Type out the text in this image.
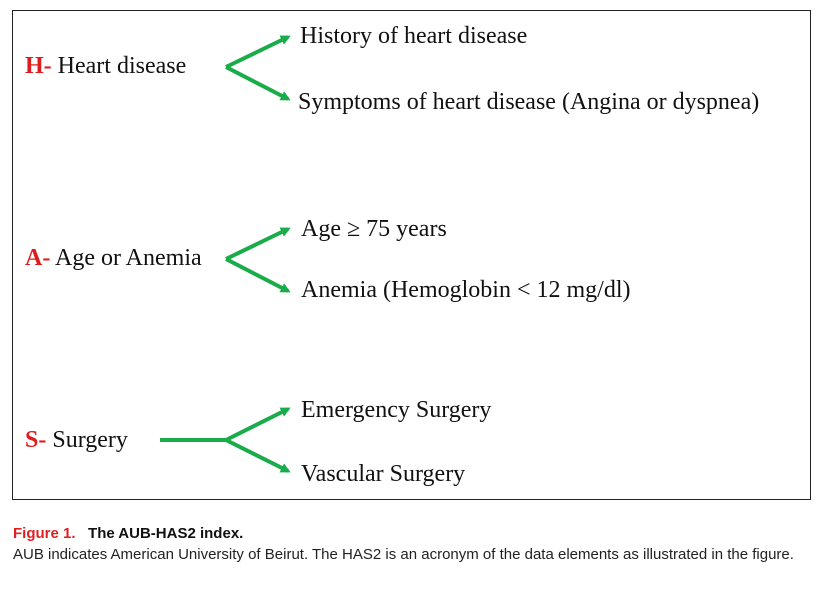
H- Heart disease
History of heart disease
Symptoms of heart disease (Angina or dyspnea)
A- Age or Anemia
Age ≥ 75 years
Anemia (Hemoglobin < 12 mg/dl)
S- Surgery
Emergency Surgery
Vascular Surgery
Figure 1. The AUB-HAS2 index.
AUB indicates American University of Beirut. The HAS2 is an acronym of the data elements as illustrated in the figure.
